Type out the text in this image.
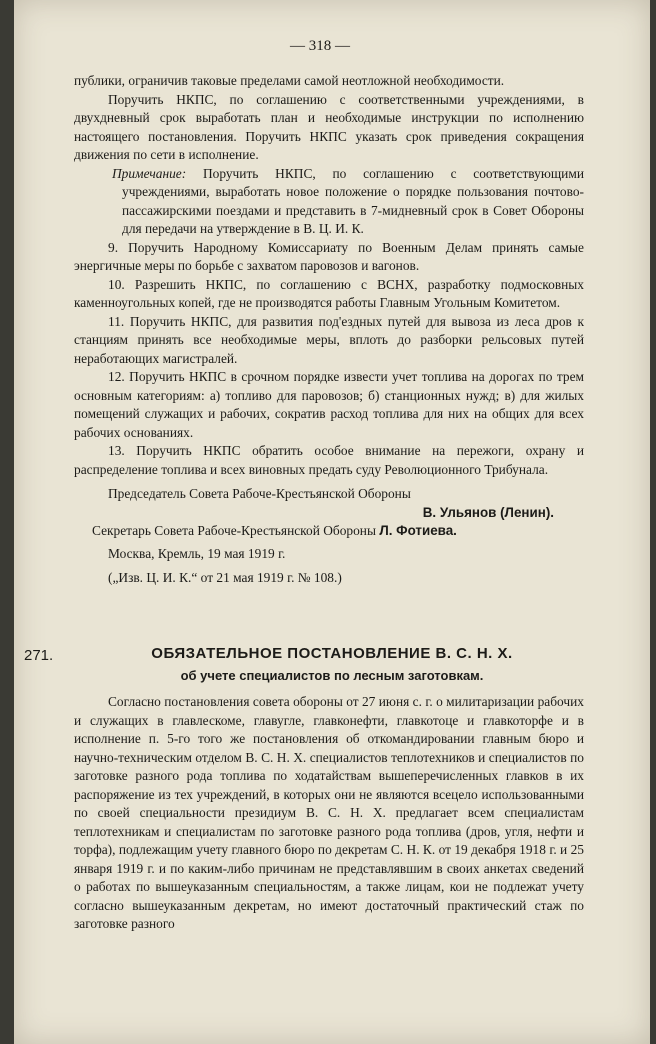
— 318 —

публики, ограничив таковые пределами самой неотложной необходимости.

Поручить НКПС, по соглашению с соответственными учреждениями, в двухдневный срок выработать план и необходимые инструкции по исполнению настоящего постановления. Поручить НКПС указать срок приведения сокращения движения по сети в исполнение.

Примечание: Поручить НКПС, по соглашению с соответствующими учреждениями, выработать новое положение о порядке пользования почтово-пассажирскими поездами и представить в 7-мидневный срок в Совет Обороны для передачи на утверждение в В. Ц. И. К.

9. Поручить Народному Комиссариату по Военным Делам принять самые энергичные меры по борьбе с захватом паровозов и вагонов.

10. Разрешить НКПС, по соглашению с ВСНХ, разработку подмосковных каменноугольных копей, где не производятся работы Главным Угольным Комитетом.

11. Поручить НКПС, для развития под'ездных путей для вывоза из леса дров к станциям принять все необходимые меры, вплоть до разборки рельсовых путей неработающих магистралей.

12. Поручить НКПС в срочном порядке извести учет топлива на дорогах по трем основным категориям: а) топливо для паровозов; б) станционных нужд; в) для жилых помещений служащих и рабочих, сократив расход топлива для них на общих для всех рабочих основаниях.

13. Поручить НКПС обратить особое внимание на пережоги, охрану и распределение топлива и всех виновных предать суду Революционного Трибунала.

Председатель Совета Рабоче-Крестьянской Обороны

В. Ульянов (Ленин).

Секретарь Совета Рабоче-Крестьянской Обороны Л. Фотиева.

Москва, Кремль, 19 мая 1919 г.

(„Изв. Ц. И. К.“ от 21 мая 1919 г. № 108.)

271.	ОБЯЗАТЕЛЬНОЕ ПОСТАНОВЛЕНИЕ В. С. Н. Х.
об учете специалистов по лесным заготовкам.

Согласно постановления совета обороны от 27 июня с. г. о милитаризации рабочих и служащих в главлескоме, главугле, главконефти, главкотоце и главкоторфе и в исполнение п. 5-го того же постановления об откомандировании главным бюро и научно-техническим отделом В. С. Н. Х. специалистов теплотехников и специалистов по заготовке разного рода топлива по ходатайствам вышеперечисленных главков в их распоряжение из тех учреждений, в которых они не являются всецело использованными по своей специальности президиум В. С. Н. Х. предлагает всем специалистам теплотехникам и специалистам по заготовке разного рода топлива (дров, угля, нефти и торфа), подлежащим учету главного бюро по декретам С. Н. К. от 19 декабря 1918 г. и 25 января 1919 г. и по каким-либо причинам не представлявшим в своих анкетах сведений о работах по вышеуказанным специальностям, а также лицам, кои не подлежат учету согласно вышеуказанным декретам, но имеют достаточный практический стаж по заготовке разного
